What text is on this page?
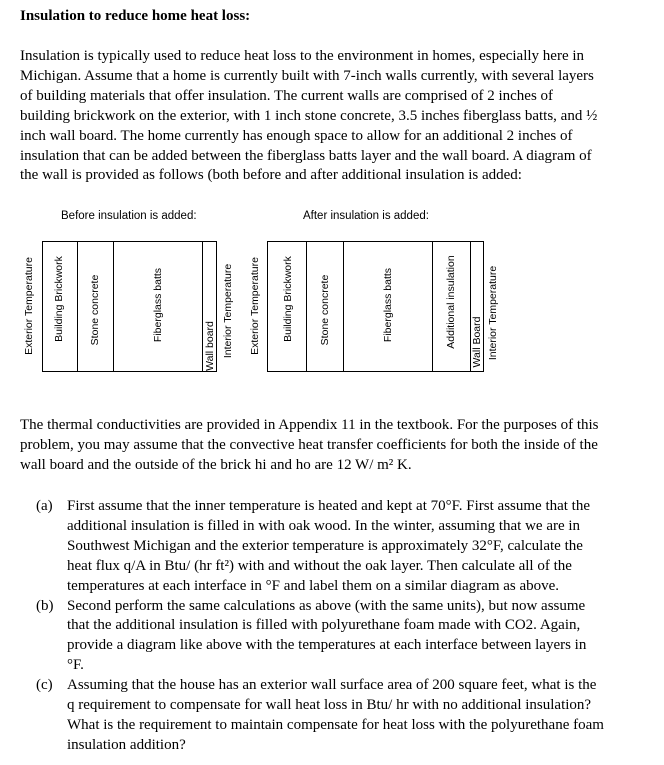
Insulation to reduce home heat loss:
Insulation is typically used to reduce heat loss to the environment in homes, especially here in
Michigan. Assume that a home is currently built with 7-inch walls currently, with several layers
of building materials that offer insulation. The current walls are comprised of 2 inches of
building brickwork on the exterior, with 1 inch stone concrete, 3.5 inches fiberglass batts, and ½
inch wall board. The home currently has enough space to allow for an additional 2 inches of
insulation that can be added between the fiberglass batts layer and the wall board. A diagram of
the wall is provided as follows (both before and after additional insulation is added:
Before insulation is added:	After insulation is added:
Exterior Temperature Building Brickwork Stone concrete	Fiberglass batts
Wall board Interior Temperature Exterior Temperature Building Brickwork Stone concrete	Fiberglass batts	Additional insulation Wall Board Interior Temperature
The thermal conductivities are provided in Appendix 11 in the textbook. For the purposes of this
problem, you may assume that the convective heat transfer coefficients for both the inside of the
wall board and the outside of the brick hi and ho are 12 W/ m² K.
(a) First assume that the inner temperature is heated and kept at 70°F. First assume that the
additional insulation is filled in with oak wood. In the winter, assuming that we are in
Southwest Michigan and the exterior temperature is approximately 32°F, calculate the
heat flux q/A in Btu/ (hr ft²) with and without the oak layer. Then calculate all of the
temperatures at each interface in °F and label them on a similar diagram as above.
(b) Second perform the same calculations as above (with the same units), but now assume
that the additional insulation is filled with polyurethane foam made with CO2. Again,
provide a diagram like above with the temperatures at each interface between layers in
°F.
(c) Assuming that the house has an exterior wall surface area of 200 square feet, what is the
q requirement to compensate for wall heat loss in Btu/ hr with no additional insulation?
What is the requirement to maintain compensate for heat loss with the polyurethane foam
insulation addition?
